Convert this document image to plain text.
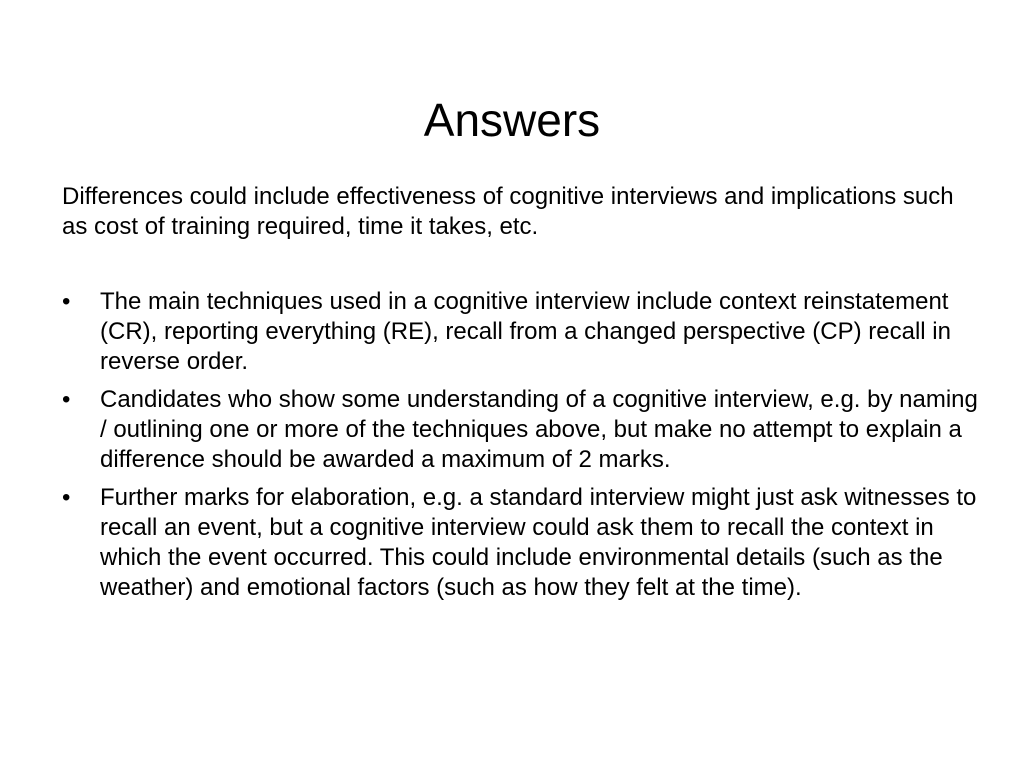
Answers

Differences could include effectiveness of cognitive interviews and implications such as cost of training required, time it takes, etc.

•	The main techniques used in a cognitive interview include context reinstatement (CR), reporting everything (RE), recall from a changed perspective (CP) recall in reverse order.
•	Candidates who show some understanding of a cognitive interview, e.g. by naming / outlining one or more of the techniques above, but make no attempt to explain a difference should be awarded a maximum of 2 marks.
•	Further marks for elaboration, e.g. a standard interview might just ask witnesses to recall an event, but a cognitive interview could ask them to recall the context in which the event occurred. This could include environmental details (such as the weather) and emotional factors (such as how they felt at the time).
